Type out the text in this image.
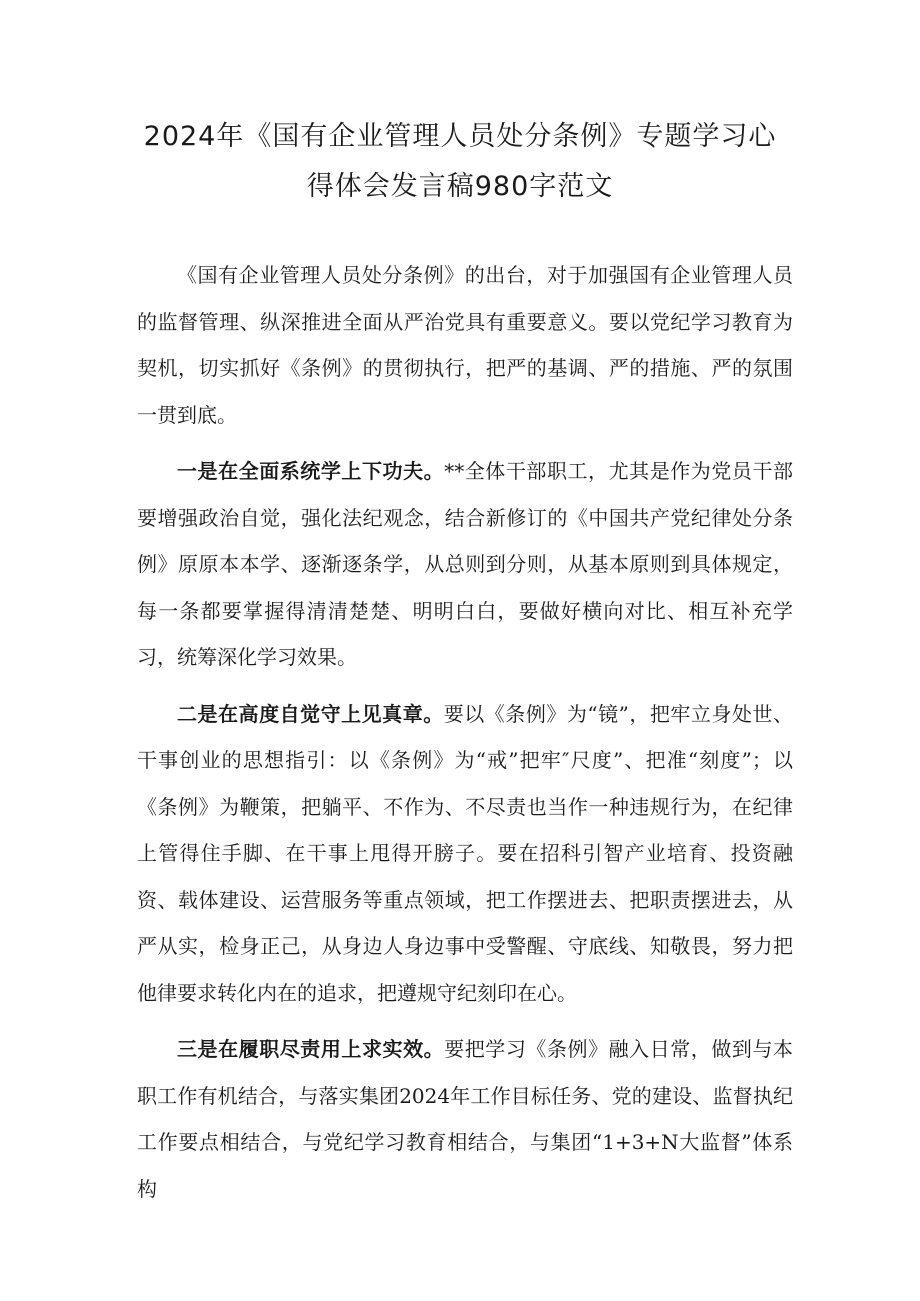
2024年《国有企业管理人员处分条例》专题学习心
得体会发言稿980字范文

《国有企业管理人员处分条例》的出台，对于加强国有企业管理人员的监督管理、纵深推进全面从严治党具有重要意义。要以党纪学习教育为契机，切实抓好《条例》的贯彻执行，把严的基调、严的措施、严的氛围一贯到底。

一是在全面系统学上下功夫。**全体干部职工，尤其是作为党员干部要增强政治自觉，强化法纪观念，结合新修订的《中国共产党纪律处分条例》原原本本学、逐渐逐条学，从总则到分则，从基本原则到具体规定，每一条都要掌握得清清楚楚、明明白白，要做好横向对比、相互补充学习，统筹深化学习效果。

二是在高度自觉守上见真章。要以《条例》为“镜”，把牢立身处世、干事创业的思想指引：以《条例》为“戒”把牢″尺度”、把准“刻度”；以《条例》为鞭策，把躺平、不作为、不尽责也当作一种违规行为，在纪律上管得住手脚、在干事上甩得开膀子。要在招科引智产业培育、投资融资、载体建设、运营服务等重点领域，把工作摆进去、把职责摆进去，从严从实，检身正己，从身边人身边事中受警醒、守底线、知敬畏，努力把他律要求转化内在的追求，把遵规守纪刻印在心。

三是在履职尽责用上求实效。要把学习《条例》融入日常，做到与本职工作有机结合，与落实集团2024年工作目标任务、党的建设、监督执纪工作要点相结合，与党纪学习教育相结合，与集团“1+3+N大监督”体系构
